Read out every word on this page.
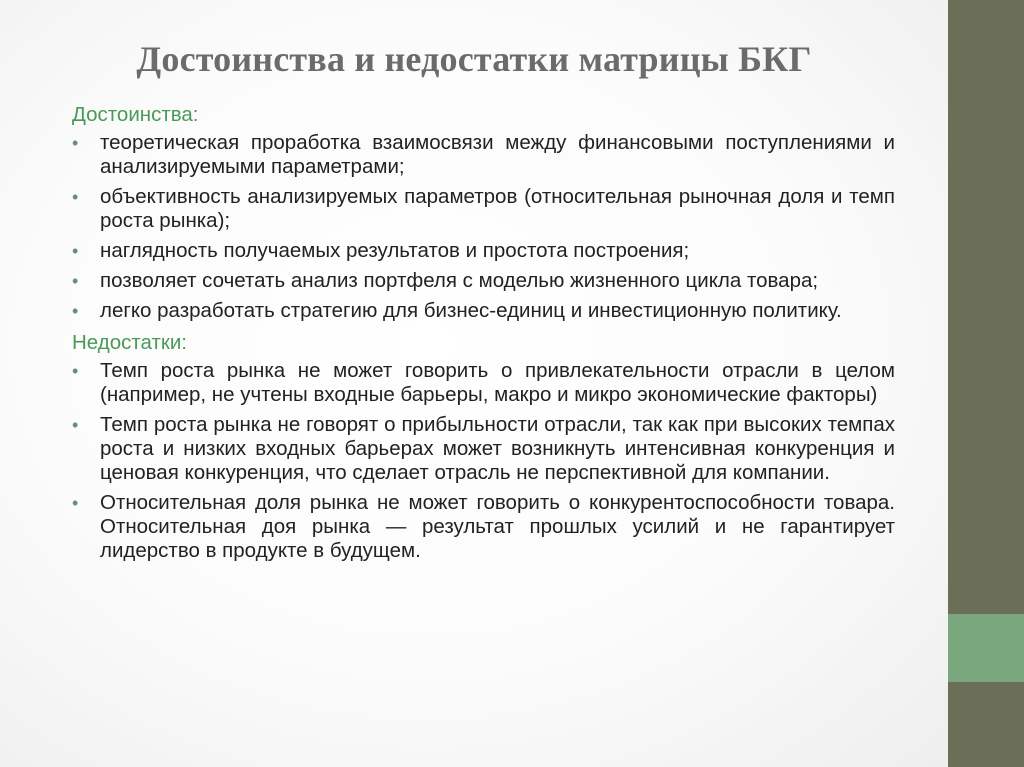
Достоинства и недостатки матрицы БКГ
Достоинства:
• теоретическая проработка взаимосвязи между финансовыми поступлениями и анализируемыми параметрами;
• объективность анализируемых параметров (относительная рыночная доля и темп роста рынка);
• наглядность получаемых результатов и простота построения;
• позволяет сочетать анализ портфеля с моделью жизненного цикла товара;
• легко разработать стратегию для бизнес-единиц и инвестиционную политику.
Недостатки:
• Темп роста рынка не может говорить о привлекательности отрасли в целом (например, не учтены входные барьеры, макро и микро экономические факторы)
• Темп роста рынка не говорят о прибыльности отрасли, так как при высоких темпах роста и низких входных барьерах может возникнуть интенсивная конкуренция и ценовая конкуренция, что сделает отрасль не перспективной для компании.
• Относительная доля рынка не может говорить о конкурентоспособности товара. Относительная доя рынка — результат прошлых усилий и не гарантирует лидерство в продукте в будущем.
